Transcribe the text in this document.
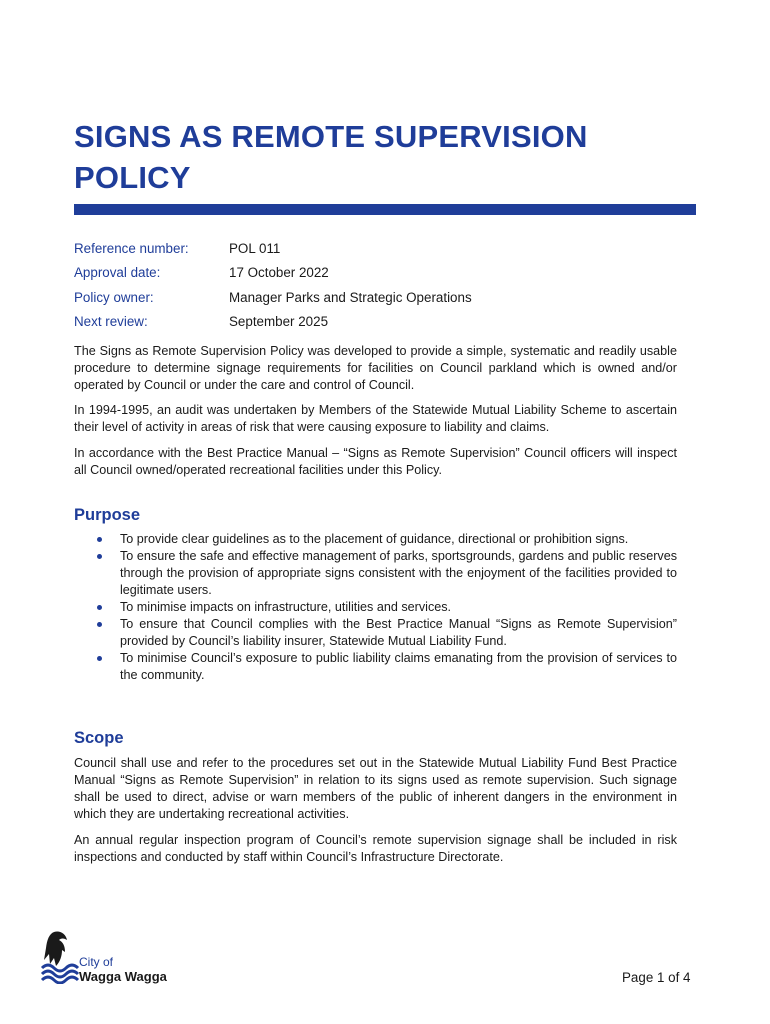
SIGNS AS REMOTE SUPERVISION POLICY
Reference number:	POL 011
Approval date:	17 October 2022
Policy owner:	Manager Parks and Strategic Operations
Next review:	September 2025

The Signs as Remote Supervision Policy was developed to provide a simple, systematic and readily usable procedure to determine signage requirements for facilities on Council parkland which is owned and/or operated by Council or under the care and control of Council.

In 1994-1995, an audit was undertaken by Members of the Statewide Mutual Liability Scheme to ascertain their level of activity in areas of risk that were causing exposure to liability and claims.

In accordance with the Best Practice Manual – “Signs as Remote Supervision” Council officers will inspect all Council owned/operated recreational facilities under this Policy.

Purpose
To provide clear guidelines as to the placement of guidance, directional or prohibition signs.
To ensure the safe and effective management of parks, sportsgrounds, gardens and public reserves through the provision of appropriate signs consistent with the enjoyment of the facilities provided to legitimate users.
To minimise impacts on infrastructure, utilities and services.
To ensure that Council complies with the Best Practice Manual “Signs as Remote Supervision” provided by Council’s liability insurer, Statewide Mutual Liability Fund.
To minimise Council’s exposure to public liability claims emanating from the provision of services to the community.
Scope

Council shall use and refer to the procedures set out in the Statewide Mutual Liability Fund Best Practice Manual “Signs as Remote Supervision” in relation to its signs used as remote supervision. Such signage shall be used to direct, advise or warn members of the public of inherent dangers in the environment in which they are undertaking recreational activities.

An annual regular inspection program of Council’s remote supervision signage shall be included in risk inspections and conducted by staff within Council’s Infrastructure Directorate.

City of
Wagga Wagga	Page 1 of 4
